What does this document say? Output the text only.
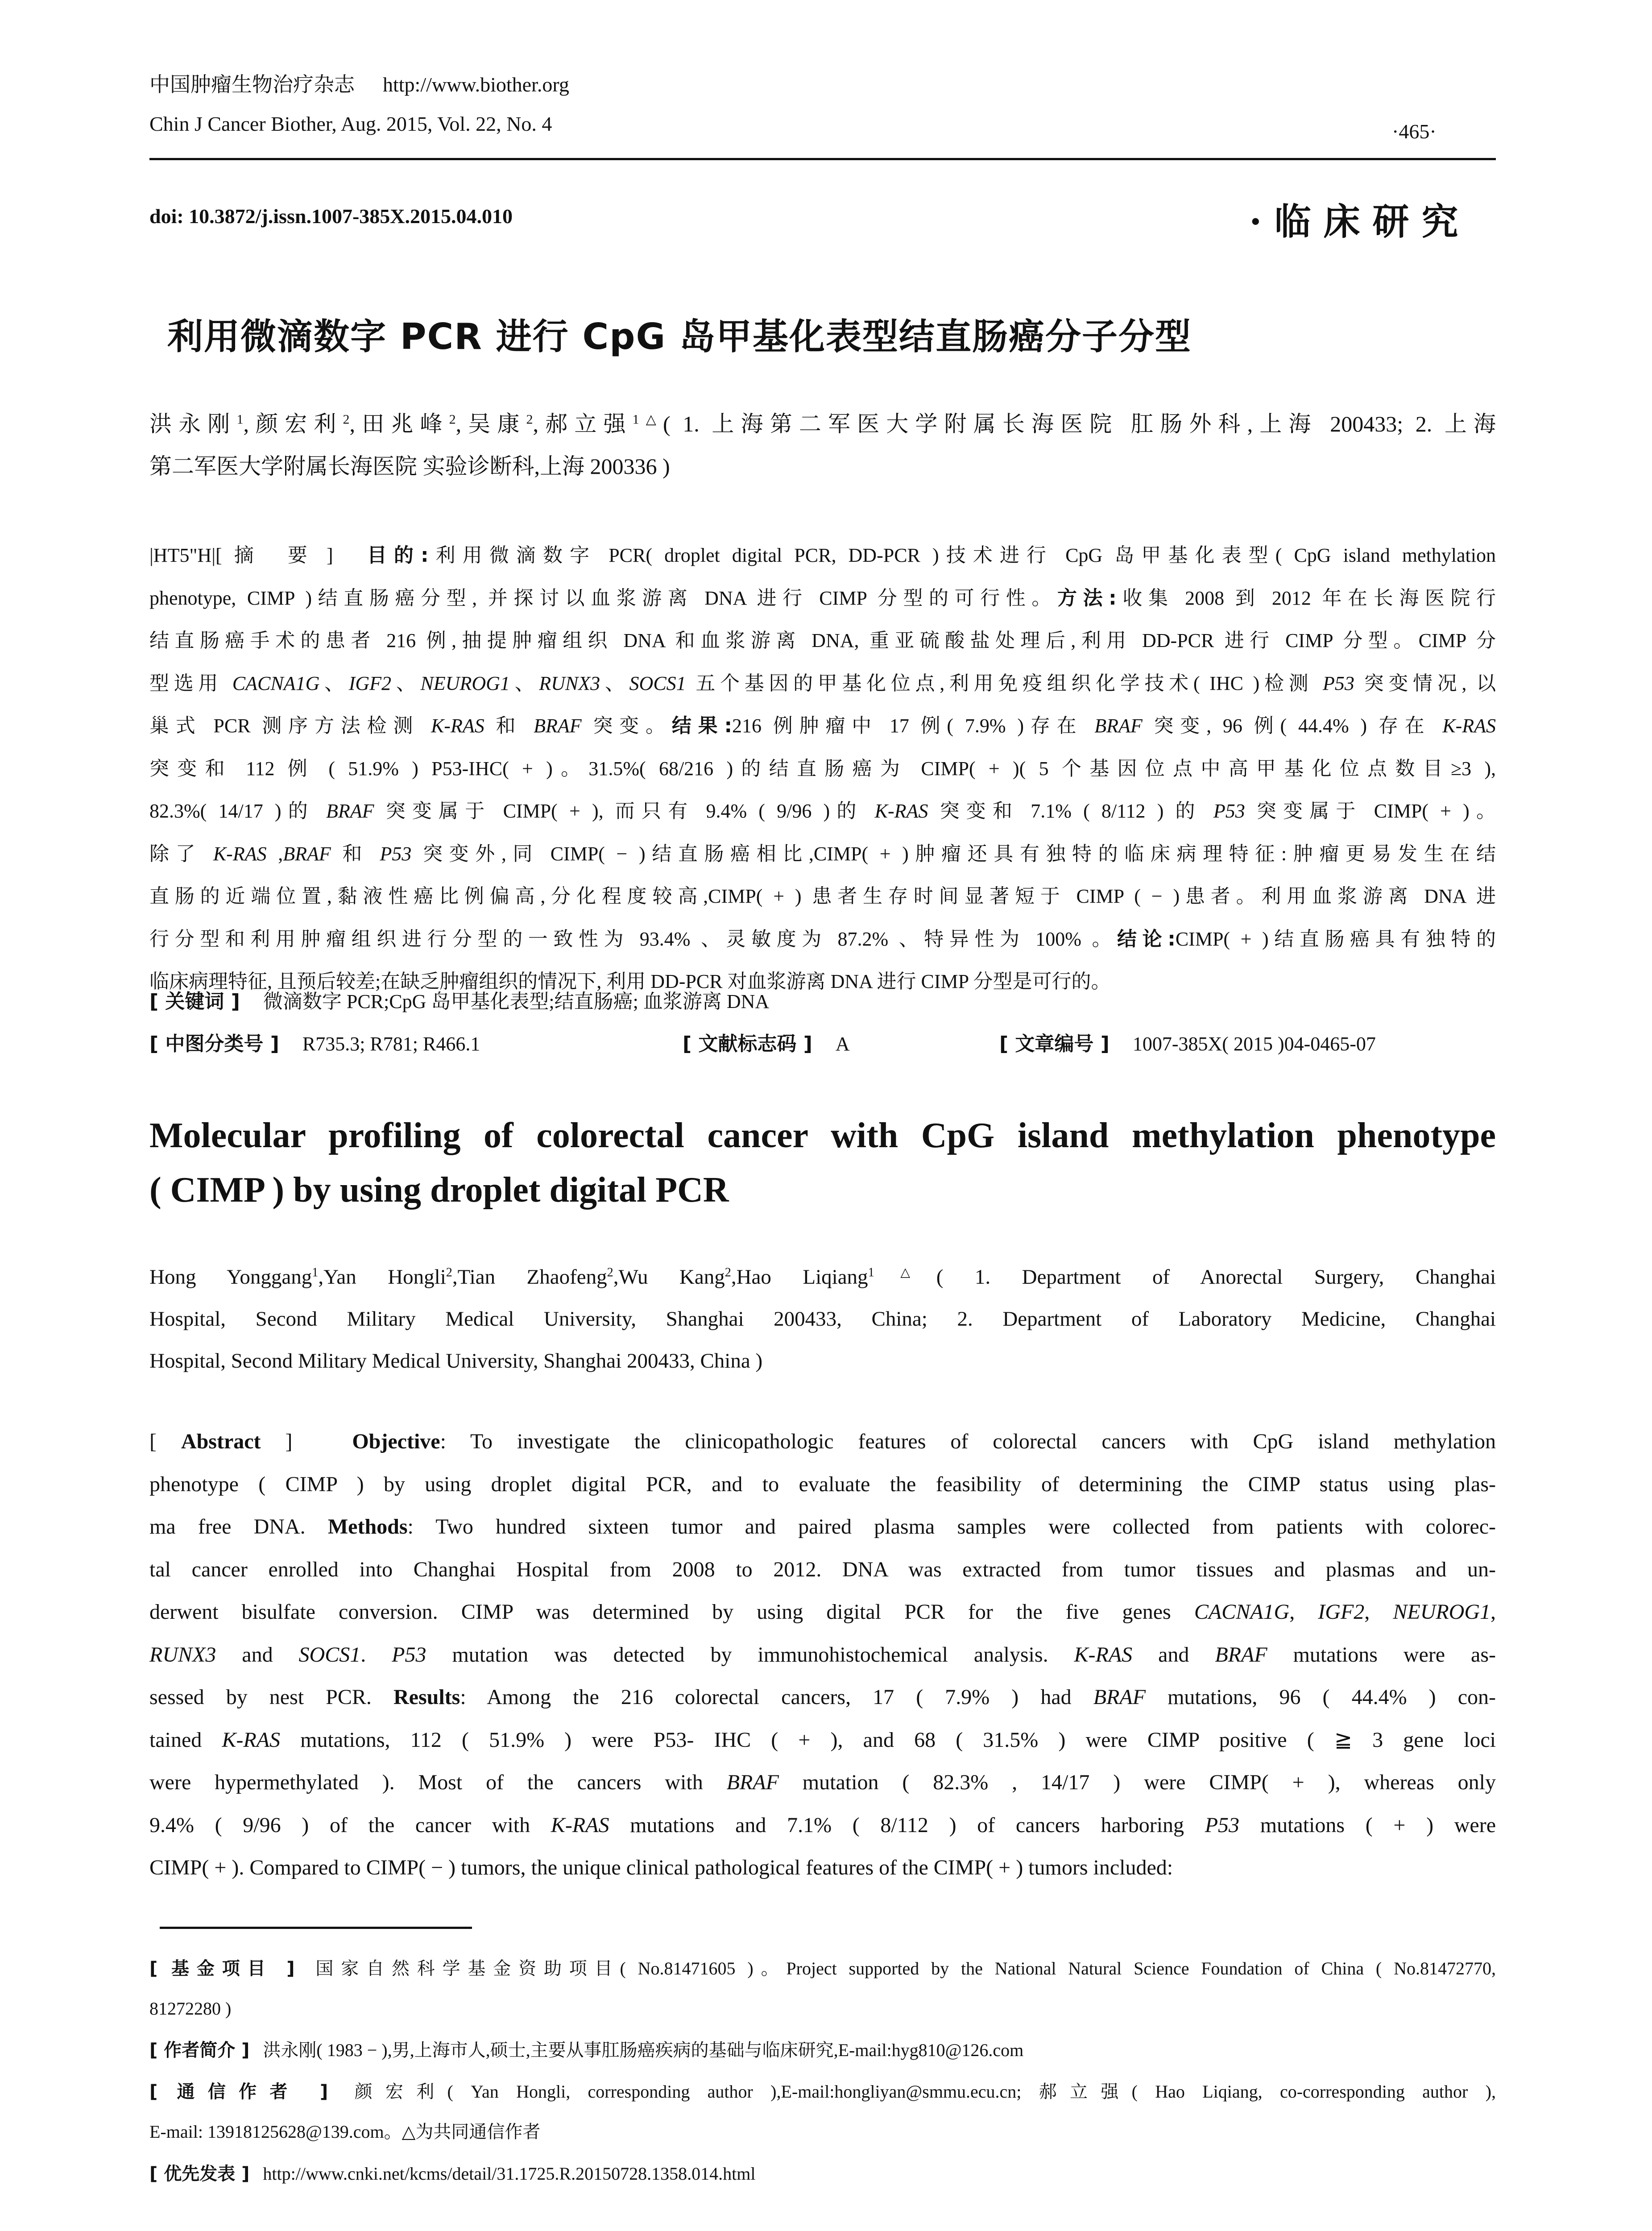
中国肿瘤生物治疗杂志 http://www.biother.org
Chin J Cancer Biother, Aug. 2015, Vol. 22, No. 4	·465·
doi: 10.3872/j.issn.1007-385X.2015.04.010	·临床研究
利用微滴数字 PCR 进行 CpG 岛甲基化表型结直肠癌分子分型
洪永刚$^1$,颜宏利$^2$,田兆峰$^2$,吴康$^2$,郝立强$^{1\triangle}$( 1. 上海第二军医大学附属长海医院 肛肠外科,上海 200433; 2. 上海
第二军医大学附属长海医院 实验诊断科,上海 200336 )
|HT5"H|[ 摘　要 ]　目的:利用微滴数字 PCR( droplet digital PCR, DD-PCR )技术进行 CpG 岛甲基化表型( CpG island methylation
phenotype, CIMP )结直肠癌分型, 并探讨以血浆游离 DNA 进行 CIMP 分型的可行性。方法:收集 2008 到 2012 年在长海医院行
结直肠癌手术的患者 216 例,抽提肿瘤组织 DNA 和血浆游离 DNA, 重亚硫酸盐处理后,利用 DD-PCR 进行 CIMP 分型。CIMP 分
型选用 CACNA1G、IGF2、NEUROG1、RUNX3、SOCS1 五个基因的甲基化位点,利用免疫组织化学技术( IHC )检测 P53 突变情况, 以
巢式 PCR 测序方法检测 K-RAS 和 BRAF 突变。结果:216 例肿瘤中 17 例( 7.9% )存在 BRAF 突变, 96 例( 44.4% ) 存在 K-RAS
突变和 112 例 ( 51.9% ) P53-IHC( + )。31.5%( 68/216 )的结直肠癌为 CIMP( + )( 5 个基因位点中高甲基化位点数目≥3 ),
82.3%( 14/17 )的 BRAF 突变属于 CIMP( + ), 而只有 9.4% ( 9/96 )的 K-RAS 突变和 7.1% ( 8/112 ) 的 P53 突变属于 CIMP( + )。
除了 K-RAS ,BRAF 和 P53 突变外,同 CIMP( − )结直肠癌相比,CIMP( + )肿瘤还具有独特的临床病理特征:肿瘤更易发生在结
直肠的近端位置,黏液性癌比例偏高,分化程度较高,CIMP( + ) 患者生存时间显著短于 CIMP ( − )患者。利用血浆游离 DNA 进
行分型和利用肿瘤组织进行分型的一致性为 93.4% 、灵敏度为 87.2% 、特异性为 100% 。结论:CIMP( + )结直肠癌具有独特的
临床病理特征, 且预后较差;在缺乏肿瘤组织的情况下, 利用 DD-PCR 对血浆游离 DNA 进行 CIMP 分型是可行的。
[ 关键词 ] 微滴数字 PCR;CpG 岛甲基化表型;结直肠癌; 血浆游离 DNA
[ 中图分类号 ] R735.3; R781; R466.1	[ 文献标志码 ] A	[ 文章编号 ] 1007-385X( 2015 )04-0465-07
Molecular profiling of colorectal cancer with CpG island methylation phenotype
( CIMP ) by using droplet digital PCR
Hong Yonggang$^1$,Yan Hongli$^2$,Tian Zhaofeng$^2$,Wu Kang$^2$,Hao Liqiang$^{1\triangle}$( 1. Department of Anorectal Surgery, Changhai
Hospital, Second Military Medical University, Shanghai 200433, China; 2. Department of Laboratory Medicine, Changhai
Hospital, Second Military Medical University, Shanghai 200433, China )
[ Abstract ]　Objective: To investigate the clinicopathologic features of colorectal cancers with CpG island methylation
phenotype ( CIMP ) by using droplet digital PCR, and to evaluate the feasibility of determining the CIMP status using plas-
ma free DNA. Methods: Two hundred sixteen tumor and paired plasma samples were collected from patients with colorec-
tal cancer enrolled into Changhai Hospital from 2008 to 2012. DNA was extracted from tumor tissues and plasmas and un-
derwent bisulfate conversion. CIMP was determined by using digital PCR for the five genes CACNA1G, IGF2, NEUROG1,
RUNX3 and SOCS1. P53 mutation was detected by immunohistochemical analysis. K-RAS and BRAF mutations were as-
sessed by nest PCR. Results: Among the 216 colorectal cancers, 17 ( 7.9% ) had BRAF mutations, 96 ( 44.4% ) con-
tained K-RAS mutations, 112 ( 51.9% ) were P53- IHC ( + ), and 68 ( 31.5% ) were CIMP positive ( ≧ 3 gene loci
were hypermethylated ). Most of the cancers with BRAF mutation ( 82.3% , 14/17 ) were CIMP( + ), whereas only
9.4% ( 9/96 ) of the cancer with K-RAS mutations and 7.1% ( 8/112 ) of cancers harboring P53 mutations ( + ) were
CIMP( + ). Compared to CIMP( − ) tumors, the unique clinical pathological features of the CIMP( + ) tumors included:
[ 基金项目 ] 国家自然科学基金资助项目( No.81471605 )。Project supported by the National Natural Science Foundation of China ( No.81472770,
81272280 )
[ 作者简介 ] 洪永刚( 1983 − ),男,上海市人,硕士,主要从事肛肠癌疾病的基础与临床研究,E-mail:hyg810@126.com
[ 通信作者 ] 颜宏利( Yan Hongli, corresponding author ),E-mail:hongliyan@smmu.ecu.cn; 郝立强( Hao Liqiang, co-corresponding author ),
E-mail: 13918125628@139.com。△为共同通信作者
[ 优先发表 ] http://www.cnki.net/kcms/detail/31.1725.R.20150728.1358.014.html
